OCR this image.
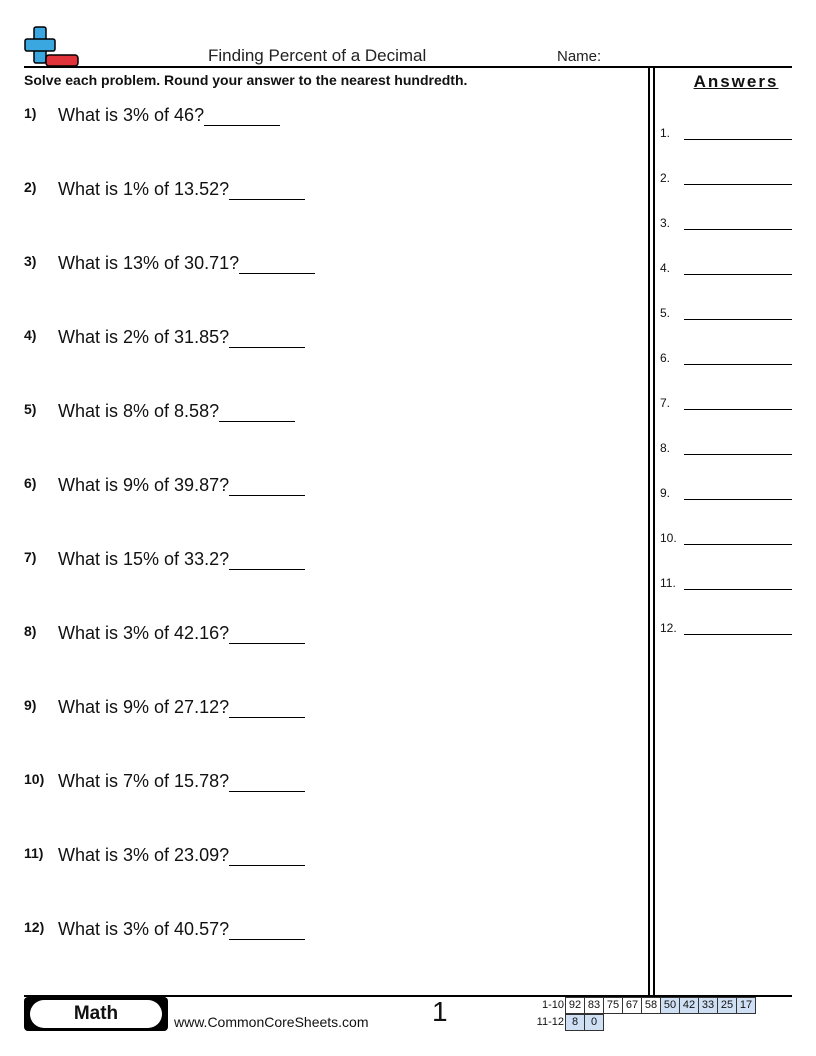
Finding Percent of a Decimal	Name:
Solve each problem. Round your answer to the nearest hundredth.	Answers
1)	What is 3% of 46?
2)	What is 1% of 13.52?
3)	What is 13% of 30.71?
4)	What is 2% of 31.85?
5)	What is 8% of 8.58?
6)	What is 9% of 39.87?
7)	What is 15% of 33.2?
8)	What is 3% of 42.16?
9)	What is 9% of 27.12?
10) What is 7% of 15.78?
11) What is 3% of 23.09?
12) What is 3% of 40.57?
1.
2.
3.
4.
5.
6.
7.
8.
9.
10.
11.
12.
Math	www.CommonCoreSheets.com 1	1-10 92 83 75 67 58 50 42 33 25 17
11-12 8	0
